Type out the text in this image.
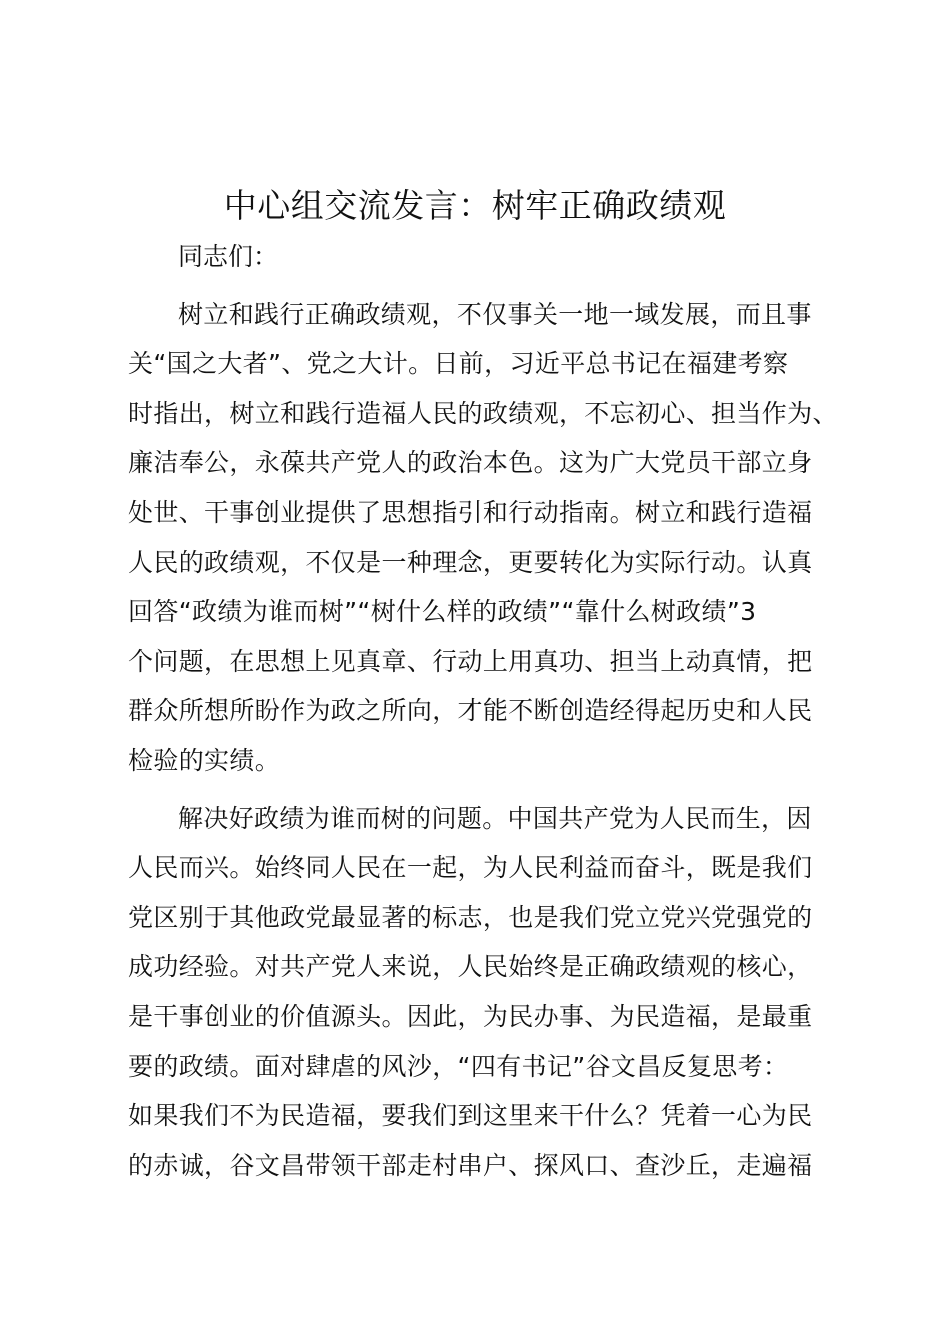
中心组交流发言：树牢正确政绩观

同志们：

树立和践行正确政绩观，不仅事关一地一域发展，而且事
关“国之大者”、党之大计。日前，习近平总书记在福建考察
时指出，树立和践行造福人民的政绩观，不忘初心、担当作为、
廉洁奉公，永葆共产党人的政治本色。这为广大党员干部立身
处世、干事创业提供了思想指引和行动指南。树立和践行造福
人民的政绩观，不仅是一种理念，更要转化为实际行动。认真
回答“政绩为谁而树”“树什么样的政绩”“靠什么树政绩”3
个问题，在思想上见真章、行动上用真功、担当上动真情，把
群众所想所盼作为政之所向，才能不断创造经得起历史和人民
检验的实绩。

解决好政绩为谁而树的问题。中国共产党为人民而生，因
人民而兴。始终同人民在一起，为人民利益而奋斗，既是我们
党区别于其他政党最显著的标志，也是我们党立党兴党强党的
成功经验。对共产党人来说，人民始终是正确政绩观的核心，
是干事创业的价值源头。因此，为民办事、为民造福，是最重
要的政绩。面对肆虐的风沙，“四有书记”谷文昌反复思考：
如果我们不为民造福，要我们到这里来干什么？凭着一心为民
的赤诚，谷文昌带领干部走村串户、探风口、查沙丘，走遍福
